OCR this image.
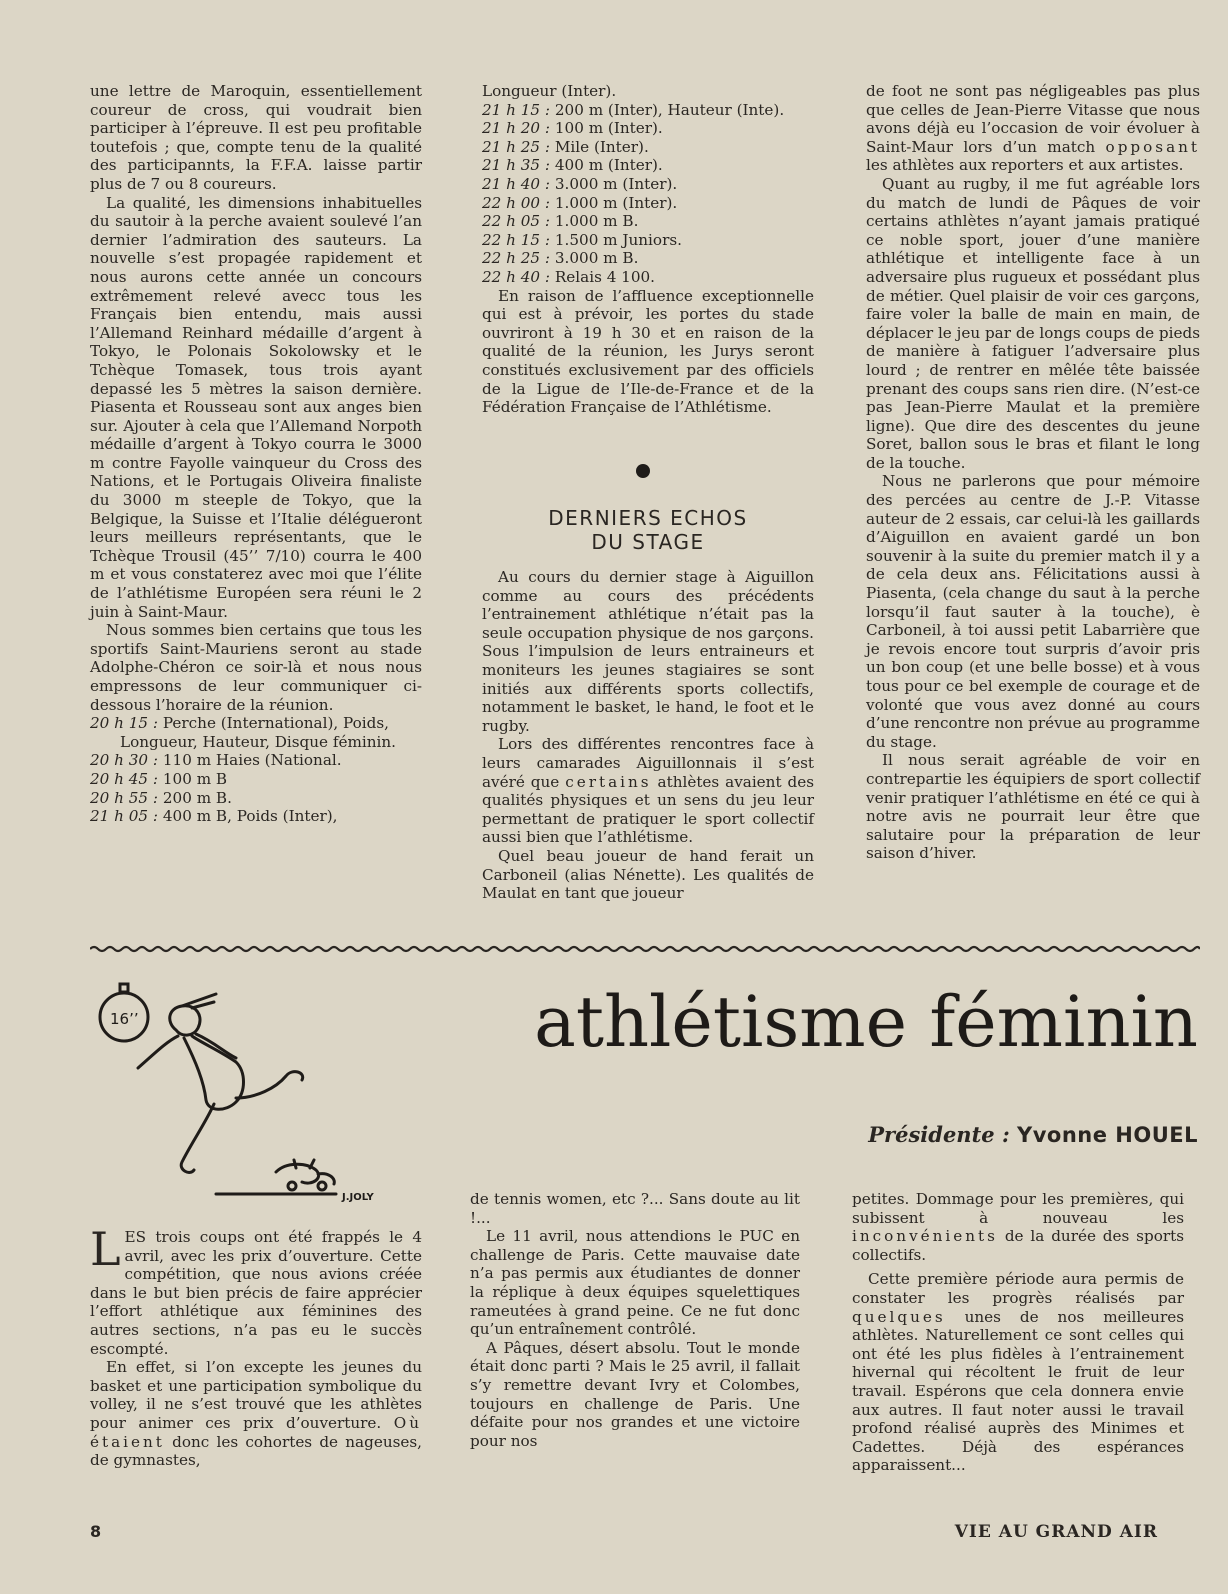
une lettre de Maroquin, essentiellement coureur de cross, qui voudrait bien participer à l’épreuve. Il est peu profitable toutefois ; que, compte tenu de la qualité des participannts, la F.F.A. laisse partir plus de 7 ou 8 coureurs.

La qualité, les dimensions inhabituelles du sautoir à la perche avaient soulevé l’an dernier l’admiration des sauteurs. La nouvelle s’est propagée rapidement et nous aurons cette année un concours extrêmement relevé avecc tous les Français bien entendu, mais aussi l’Allemand Reinhard médaille d’argent à Tokyo, le Polonais Sokolowsky et le Tchèque Tomasek, tous trois ayant depassé les 5 mètres la saison dernière. Piasenta et Rousseau sont aux anges bien sur. Ajouter à cela que l’Allemand Norpoth médaille d’argent à Tokyo courra le 3000 m contre Fayolle vainqueur du Cross des Nations, et le Portugais Oliveira finaliste du 3000 m steeple de Tokyo, que la Belgique, la Suisse et l’Italie délégueront leurs meilleurs représentants, que le Tchèque Trousil (45’’ 7/10) courra le 400 m et vous constaterez avec moi que l’élite de l’athlétisme Européen sera réuni le 2 juin à Saint-Maur.

Nous sommes bien certains que tous les sportifs Saint-Mauriens seront au stade Adolphe-Chéron ce soir-là et nous nous empressons de leur communiquer ci-dessous l’horaire de la réunion.

20 h 15 : Perche (International), Poids, Longueur, Hauteur, Disque féminin.
20 h 30 : 110 m Haies (National.
20 h 45 : 100 m B
20 h 55 : 200 m B.
21 h 05 : 400 m B, Poids (Inter),
Longueur (Inter).
21 h 15 : 200 m (Inter), Hauteur (Inte).
21 h 20 : 100 m (Inter).
21 h 25 : Mile (Inter).
21 h 35 : 400 m (Inter).
21 h 40 : 3.000 m (Inter).
22 h 00 : 1.000 m (Inter).
22 h 05 : 1.000 m B.
22 h 15 : 1.500 m Juniors.
22 h 25 : 3.000 m B.
22 h 40 : Relais 4 100.

En raison de l’affluence exceptionnelle qui est à prévoir, les portes du stade ouvriront à 19 h 30 et en raison de la qualité de la réunion, les Jurys seront constitués exclusivement par des officiels de la Ligue de l’Ile-de-France et de la Fédération Française de l’Athlétisme.

DERNIERS ECHOS
DU STAGE

Au cours du dernier stage à Aiguillon comme au cours des précédents l’entrainement athlétique n’était pas la seule occupation physique de nos garçons. Sous l’impulsion de leurs entraineurs et moniteurs les jeunes stagiaires se sont initiés aux différents sports collectifs, notamment le basket, le hand, le foot et le rugby.

Lors des différentes rencontres face à leurs camarades Aiguillonnais il s’est avéré que certains athlètes avaient des qualités physiques et un sens du jeu leur permettant de pratiquer le sport collectif aussi bien que l’athlétisme.

Quel beau joueur de hand ferait un Carboneil (alias Nénette). Les qualités de Maulat en tant que joueur

de foot ne sont pas négligeables pas plus que celles de Jean-Pierre Vitasse que nous avons déjà eu l’occasion de voir évoluer à Saint-Maur lors d’un match opposant les athlètes aux reporters et aux artistes.

Quant au rugby, il me fut agréable lors du match de lundi de Pâques de voir certains athlètes n’ayant jamais pratiqué ce noble sport, jouer d’une manière athlétique et intelligente face à un adversaire plus rugueux et possédant plus de métier. Quel plaisir de voir ces garçons, faire voler la balle de main en main, de déplacer le jeu par de longs coups de pieds de manière à fatiguer l’adversaire plus lourd ; de rentrer en mêlée tête baissée prenant des coups sans rien dire. (N’est-ce pas Jean-Pierre Maulat et la première ligne). Que dire des descentes du jeune Soret, ballon sous le bras et filant le long de la touche.

Nous ne parlerons que pour mémoire des percées au centre de J.-P. Vitasse auteur de 2 essais, car celui-là les gaillards d’Aiguillon en avaient gardé un bon souvenir à la suite du premier match il y a de cela deux ans. Félicitations aussi à Piasenta, (cela change du saut à la perche lorsqu’il faut sauter à la touche), è Carboneil, à toi aussi petit Labarrière que je revois encore tout surpris d’avoir pris un bon coup (et une belle bosse) et à vous tous pour ce bel exemple de courage et de volonté que vous avez donné au cours d’une rencontre non prévue au programme du stage.

Il nous serait agréable de voir en contrepartie les équipiers de sport collectif venir pratiquer l’athlétisme en été ce qui à notre avis ne pourrait leur être que salutaire pour la préparation de leur saison d’hiver.

16’’
J.JOLY
athlétisme féminin
Présidente : Yvonne HOUEL

LES trois coups ont été frappés le 4 avril, avec les prix d’ouverture. Cette compétition, que nous avions créée dans le but bien précis de faire apprécier l’effort athlétique aux féminines des autres sections, n’a pas eu le succès escompté.

En effet, si l’on excepte les jeunes du basket et une participation symbolique du volley, il ne s’est trouvé que les athlètes pour animer ces prix d’ouverture. Où étaient donc les cohortes de nageuses, de gymnastes,

de tennis women, etc ?... Sans doute au lit !...

Le 11 avril, nous attendions le PUC en challenge de Paris. Cette mauvaise date n’a pas permis aux étudiantes de donner la réplique à deux équipes squelettiques rameutées à grand peine. Ce ne fut donc qu’un entraînement contrôlé.

A Pâques, désert absolu. Tout le monde était donc parti ? Mais le 25 avril, il fallait s’y remettre devant Ivry et Colombes, toujours en challenge de Paris. Une défaite pour nos grandes et une victoire pour nos

petites. Dommage pour les premières, qui subissent à nouveau les inconvénients de la durée des sports collectifs.

Cette première période aura permis de constater les progrès réalisés par quelques unes de nos meilleures athlètes. Naturellement ce sont celles qui ont été les plus fidèles à l’entrainement hivernal qui récoltent le fruit de leur travail. Espérons que cela donnera envie aux autres. Il faut noter aussi le travail profond réalisé auprès des Minimes et Cadettes. Déjà des espérances apparaissent...

8	VIE AU GRAND AIR
